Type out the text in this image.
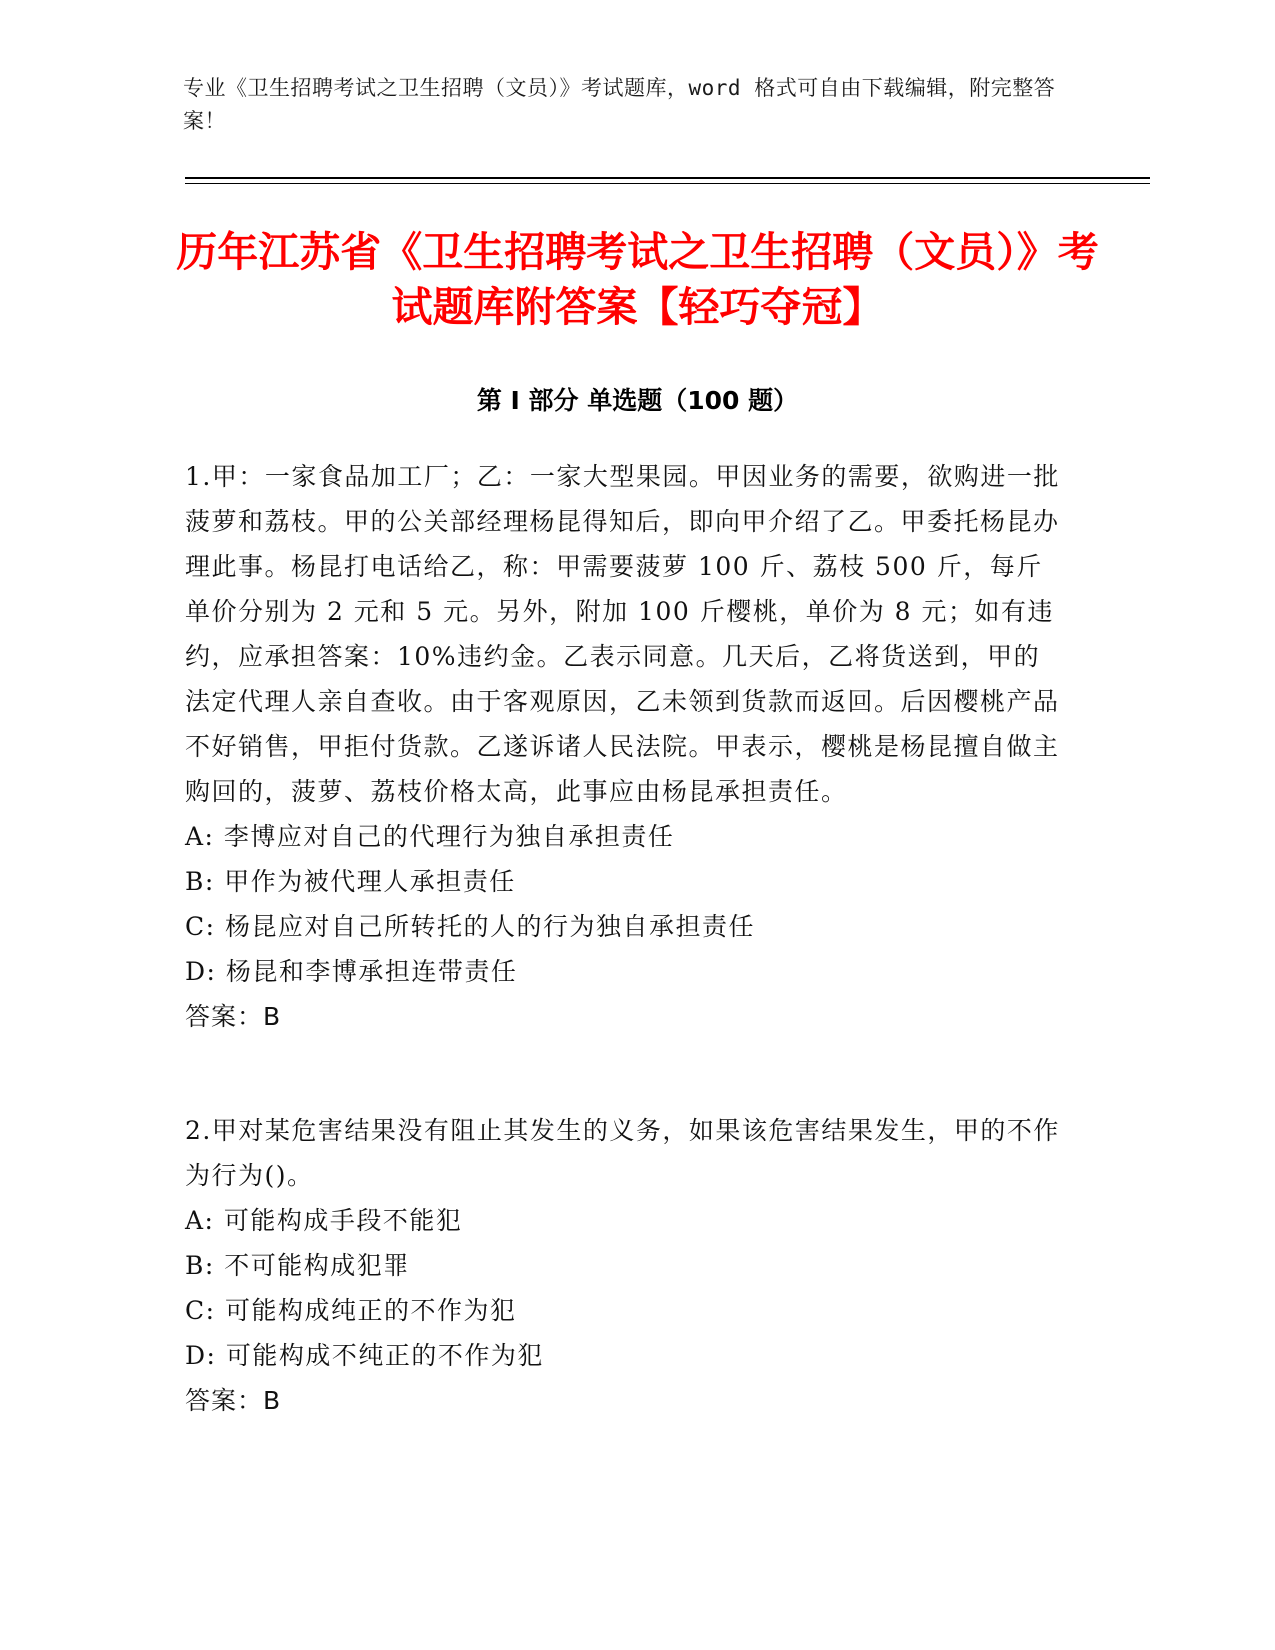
专业《卫生招聘考试之卫生招聘（文员）》考试题库，word 格式可自由下载编辑，附完整答案！
历年江苏省《卫生招聘考试之卫生招聘（文员）》考试题库附答案【轻巧夺冠】
第 I 部分 单选题（100 题）
1.甲：一家食品加工厂；乙：一家大型果园。甲因业务的需要，欲购进一批菠萝和荔枝。甲的公关部经理杨昆得知后，即向甲介绍了乙。甲委托杨昆办理此事。杨昆打电话给乙，称：甲需要菠萝 100 斤、荔枝 500 斤，每斤单价分别为 2 元和 5 元。另外，附加 100 斤樱桃，单价为 8 元；如有违约，应承担答案：10%违约金。乙表示同意。几天后，乙将货送到，甲的法定代理人亲自查收。由于客观原因，乙未领到货款而返回。后因樱桃产品不好销售，甲拒付货款。乙遂诉诸人民法院。甲表示，樱桃是杨昆擅自做主购回的，菠萝、荔枝价格太高，此事应由杨昆承担责任。
A: 李博应对自己的代理行为独自承担责任
B: 甲作为被代理人承担责任
C: 杨昆应对自己所转托的人的行为独自承担责任
D: 杨昆和李博承担连带责任
答案：B
2.甲对某危害结果没有阻止其发生的义务，如果该危害结果发生，甲的不作为行为()。
A: 可能构成手段不能犯
B: 不可能构成犯罪
C: 可能构成纯正的不作为犯
D: 可能构成不纯正的不作为犯
答案：B
